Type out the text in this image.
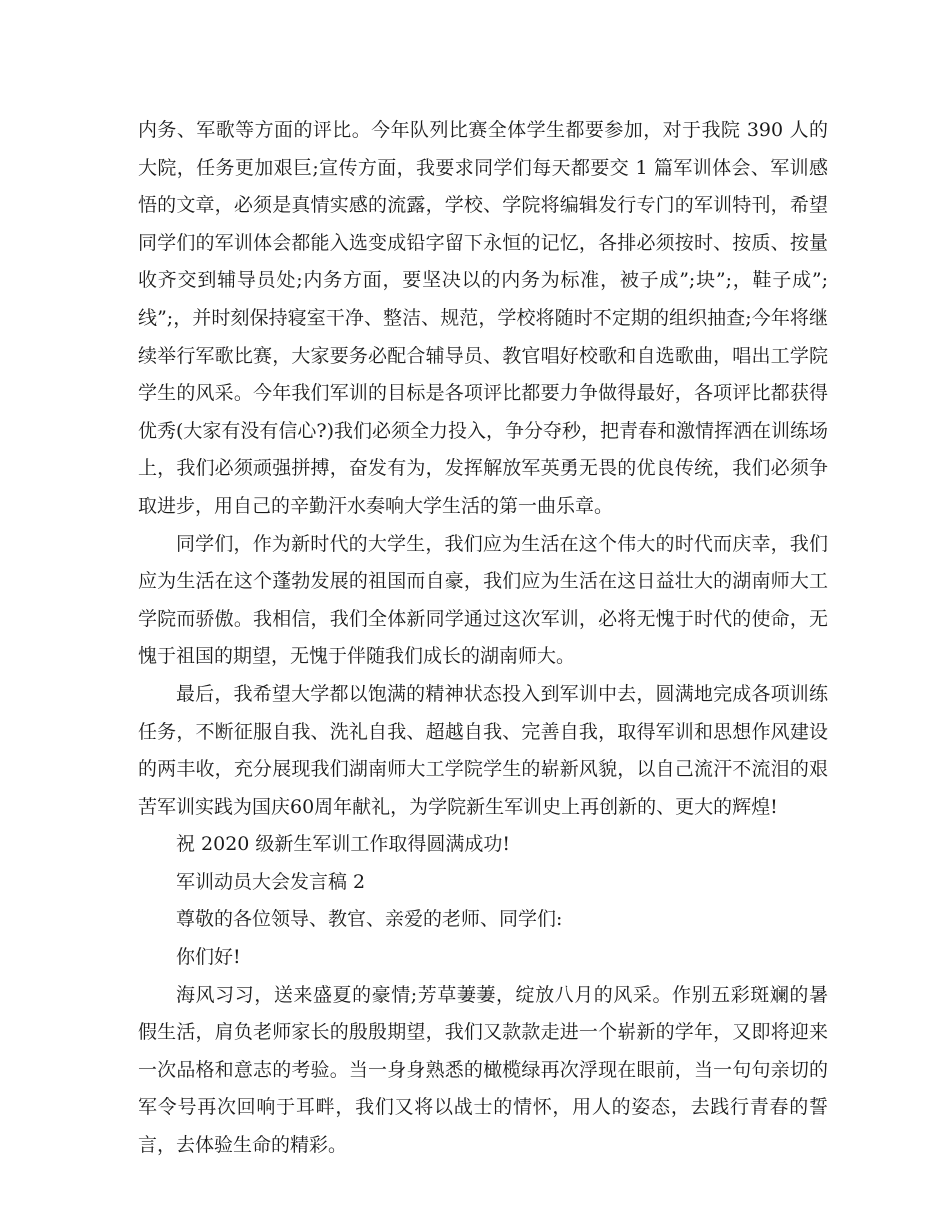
内务、军歌等方面的评比。今年队列比赛全体学生都要参加，对于我院 390 人的大院，任务更加艰巨;宣传方面，我要求同学们每天都要交 1 篇军训体会、军训感悟的文章，必须是真情实感的流露，学校、学院将编辑发行专门的军训特刊，希望同学们的军训体会都能入选变成铅字留下永恒的记忆，各排必须按时、按质、按量收齐交到辅导员处;内务方面，要坚决以的内务为标准，被子成”;块”;，鞋子成”;线”;，并时刻保持寝室干净、整洁、规范，学校将随时不定期的组织抽查;今年将继续举行军歌比赛，大家要务必配合辅导员、教官唱好校歌和自选歌曲，唱出工学院学生的风采。今年我们军训的目标是各项评比都要力争做得最好，各项评比都获得优秀(大家有没有信心?)我们必须全力投入，争分夺秒，把青春和激情挥洒在训练场上，我们必须顽强拼搏，奋发有为，发挥解放军英勇无畏的优良传统，我们必须争取进步，用自己的辛勤汗水奏响大学生活的第一曲乐章。

同学们，作为新时代的大学生，我们应为生活在这个伟大的时代而庆幸，我们应为生活在这个蓬勃发展的祖国而自豪，我们应为生活在这日益壮大的湖南师大工学院而骄傲。我相信，我们全体新同学通过这次军训，必将无愧于时代的使命，无愧于祖国的期望，无愧于伴随我们成长的湖南师大。

最后，我希望大学都以饱满的精神状态投入到军训中去，圆满地完成各项训练任务，不断征服自我、洗礼自我、超越自我、完善自我，取得军训和思想作风建设的两丰收，充分展现我们湖南师大工学院学生的崭新风貌，以自己流汗不流泪的艰苦军训实践为国庆60周年献礼，为学院新生军训史上再创新的、更大的辉煌!

祝 2020 级新生军训工作取得圆满成功!

军训动员大会发言稿 2

尊敬的各位领导、教官、亲爱的老师、同学们:

你们好!

海风习习，送来盛夏的豪情;芳草萋萋，绽放八月的风采。作别五彩斑斓的暑假生活，肩负老师家长的殷殷期望，我们又款款走进一个崭新的学年，又即将迎来一次品格和意志的考验。当一身身熟悉的橄榄绿再次浮现在眼前，当一句句亲切的军令号再次回响于耳畔，我们又将以战士的情怀，用人的姿态，去践行青春的誓言，去体验生命的精彩。
